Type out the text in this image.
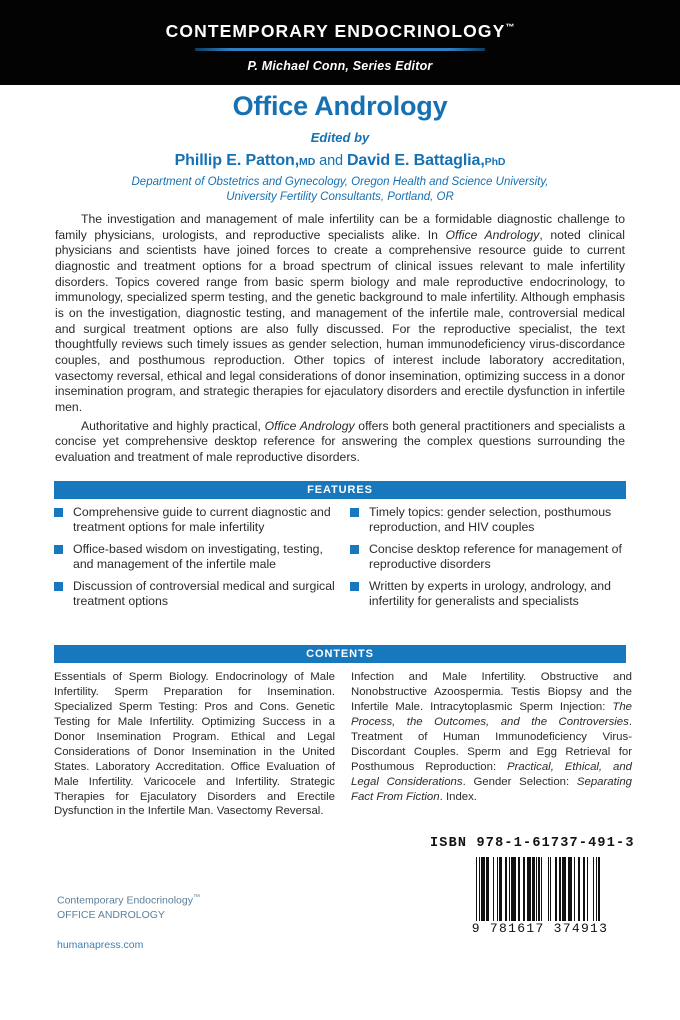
CONTEMPORARY ENDOCRINOLOGY™
P. Michael Conn, Series Editor
Office Andrology
Edited by
Phillip E. Patton,MD and David E. Battaglia,PhD
Department of Obstetrics and Gynecology, Oregon Health and Science University,
University Fertility Consultants, Portland, OR

The investigation and management of male infertility can be a formidable diagnostic challenge to family physicians, urologists, and reproductive specialists alike. In Office Andrology, noted clinical physicians and scientists have joined forces to create a comprehensive resource guide to current diagnostic and treatment options for a broad spectrum of clinical issues relevant to male infertility disorders. Topics covered range from basic sperm biology and male reproductive endocrinology, to immunology, specialized sperm testing, and the genetic background to male infertility. Although emphasis is on the investigation, diagnostic testing, and management of the infertile male, controversial medical and surgical treatment options are also fully discussed. For the reproductive specialist, the text thoughtfully reviews such timely issues as gender selection, human immunodeficiency virus-discordance couples, and posthumous reproduction. Other topics of interest include laboratory accreditation, vasectomy reversal, ethical and legal considerations of donor insemination, optimizing success in a donor insemination program, and strategic therapies for ejaculatory disorders and erectile dysfunction in infertile men.

Authoritative and highly practical, Office Andrology offers both general practitioners and specialists a concise yet comprehensive desktop reference for answering the complex questions surrounding the evaluation and treatment of male reproductive disorders.

FEATURES
Comprehensive guide to current diagnostic and treatment options for male infertility
Office-based wisdom on investigating, testing, and management of the infertile male
Discussion of controversial medical and surgical treatment options
Timely topics: gender selection, posthumous reproduction, and HIV couples
Concise desktop reference for management of reproductive disorders
Written by experts in urology, andrology, and infertility for generalists and specialists
CONTENTS
Essentials of Sperm Biology. Endocrinology of Male Infertility. Sperm Preparation for Insemination. Specialized Sperm Testing: Pros and Cons. Genetic Testing for Male Infertility. Optimizing Success in a Donor Insemination Program. Ethical and Legal Considerations of Donor Insemination in the United States. Laboratory Accreditation. Office Evaluation of Male Infertility. Varicocele and Infertility. Strategic Therapies for Ejaculatory Disorders and Erectile Dysfunction in the Infertile Man. Vasectomy Reversal.
Infection and Male Infertility. Obstructive and Nonobstructive Azoospermia. Testis Biopsy and the Infertile Male. Intracytoplasmic Sperm Injection: The Process, the Outcomes, and the Controversies. Treatment of Human Immunodeficiency Virus-Discordant Couples. Sperm and Egg Retrieval for Posthumous Reproduction: Practical, Ethical, and Legal Considerations. Gender Selection: Separating Fact From Fiction. Index.
Contemporary Endocrinology™
OFFICE ANDROLOGY
humanapress.com
ISBN 978-1-61737-491-3
9 781617 374913
